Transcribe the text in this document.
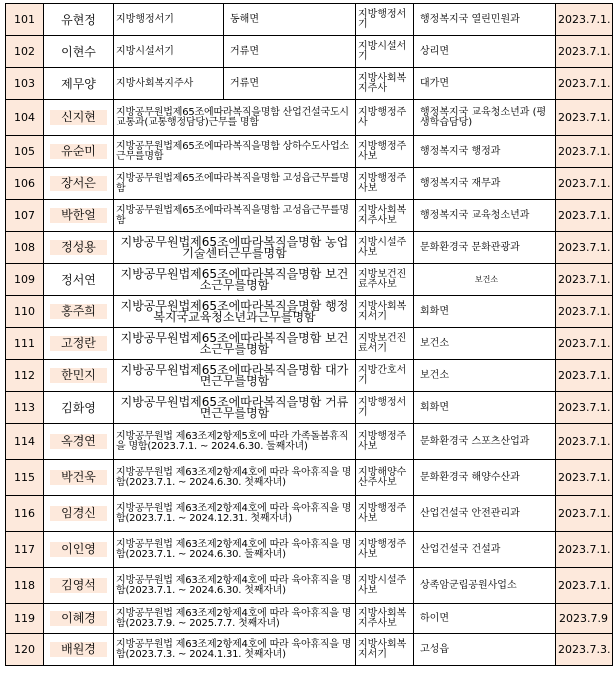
101	유현정	지방행정서기	동해면	지방행정서기	행정복지국 열린민원과	2023.7.1.
102	이현수	지방시설서기	거류면	지방시설서기	상리면	2023.7.1.
103	제무양	지방사회복지주사	거류면	지방사회복지주사	대가면	2023.7.1.
104	신지현	지방공무원법제65조에따라복직을명함 산업건설국도시교통과(교통행정담당)근무를 명함		지방행정주사	행정복지국 교육청소년과 (평생학습담당)	2023.7.1.
105	유순미	지방공무원법제65조에따라복직을명함 상하수도사업소근무를명함		지방행정주사보	행정복지국 행정과	2023.7.1.
106	장서은	지방공무원법제65조에따라복직을명함 고성읍근무를명함		지방행정주사보	행정복지국 재무과	2023.7.1.
107	박한얼	지방공무원법제65조에따라복직을명함 고성읍근무를명함		지방사회복지주사보	행정복지국 교육청소년과	2023.7.1.
108	정성용	지방공무원법제65조에따라복직을명함 농업기술센터근무를명함		지방시설주사보	문화환경국 문화관광과	2023.7.1.
109	정서연	지방공무원법제65조에따라복직을명함 보건소근무를명함		지방보건진료주사보	보건소	2023.7.1.
110	홍주희	지방공무원법제65조에따라복직을명함 행정복지국교육청소년과근무를명함		지방사회복지서기	회화면	2023.7.1.
111	고정란	지방공무원법제65조에따라복직을명함 보건소근무를명함		지방보건진료서기	보건소	2023.7.1.
112	한민지	지방공무원법제65조에따라복직을명함 대가면근무를명함		지방간호서기	보건소	2023.7.1.
113	김화영	지방공무원법제65조에따라복직을명함 거류면근무를명함		지방행정서기	회화면	2023.7.1.
114	옥경연	지방공무원법 제63조제2항제5호에 따라 가족돌봄휴직을 명함(2023.7.1. ~ 2024.6.30. 둘째자녀)		지방행정주사보	문화환경국 스포츠산업과	2023.7.1.
115	박건욱	지방공무원법 제63조제2항제4호에 따라 육아휴직을 명함(2023.7.1. ~ 2024.6.30. 첫째자녀)		지방해양수산주사보	문화환경국 해양수산과	2023.7.1.
116	임경신	지방공무원법 제63조제2항제4호에 따라 육아휴직을 명함(2023.7.1. ~ 2024.12.31. 첫째자녀)		지방행정주사보	산업건설국 안전관리과	2023.7.1.
117	이인영	지방공무원법 제63조제2항제4호에 따라 육아휴직을 명함(2023.7.1. ~ 2024.6.30. 둘째자녀)		지방행정주사보	산업건설국 건설과	2023.7.1.
118	김영석	지방공무원법 제63조제2항제4호에 따라 육아휴직을 명함(2023.7.1. ~ 2024.6.30. 첫째자녀)		지방시설주사보	상족암군립공원사업소	2023.7.1.
119	이혜경	지방공무원법 제63조제2항제4호에 따라 육아휴직을 명함(2023.7.9. ~ 2025.7.7. 첫째자녀)		지방사회복지주사보	하이면	2023.7.9
120	배원경	지방공무원법 제63조제2항제4호에 따라 육아휴직을 명함(2023.7.3. ~ 2024.1.31. 첫째자녀)		지방사회복지서기	고성읍	2023.7.3.
